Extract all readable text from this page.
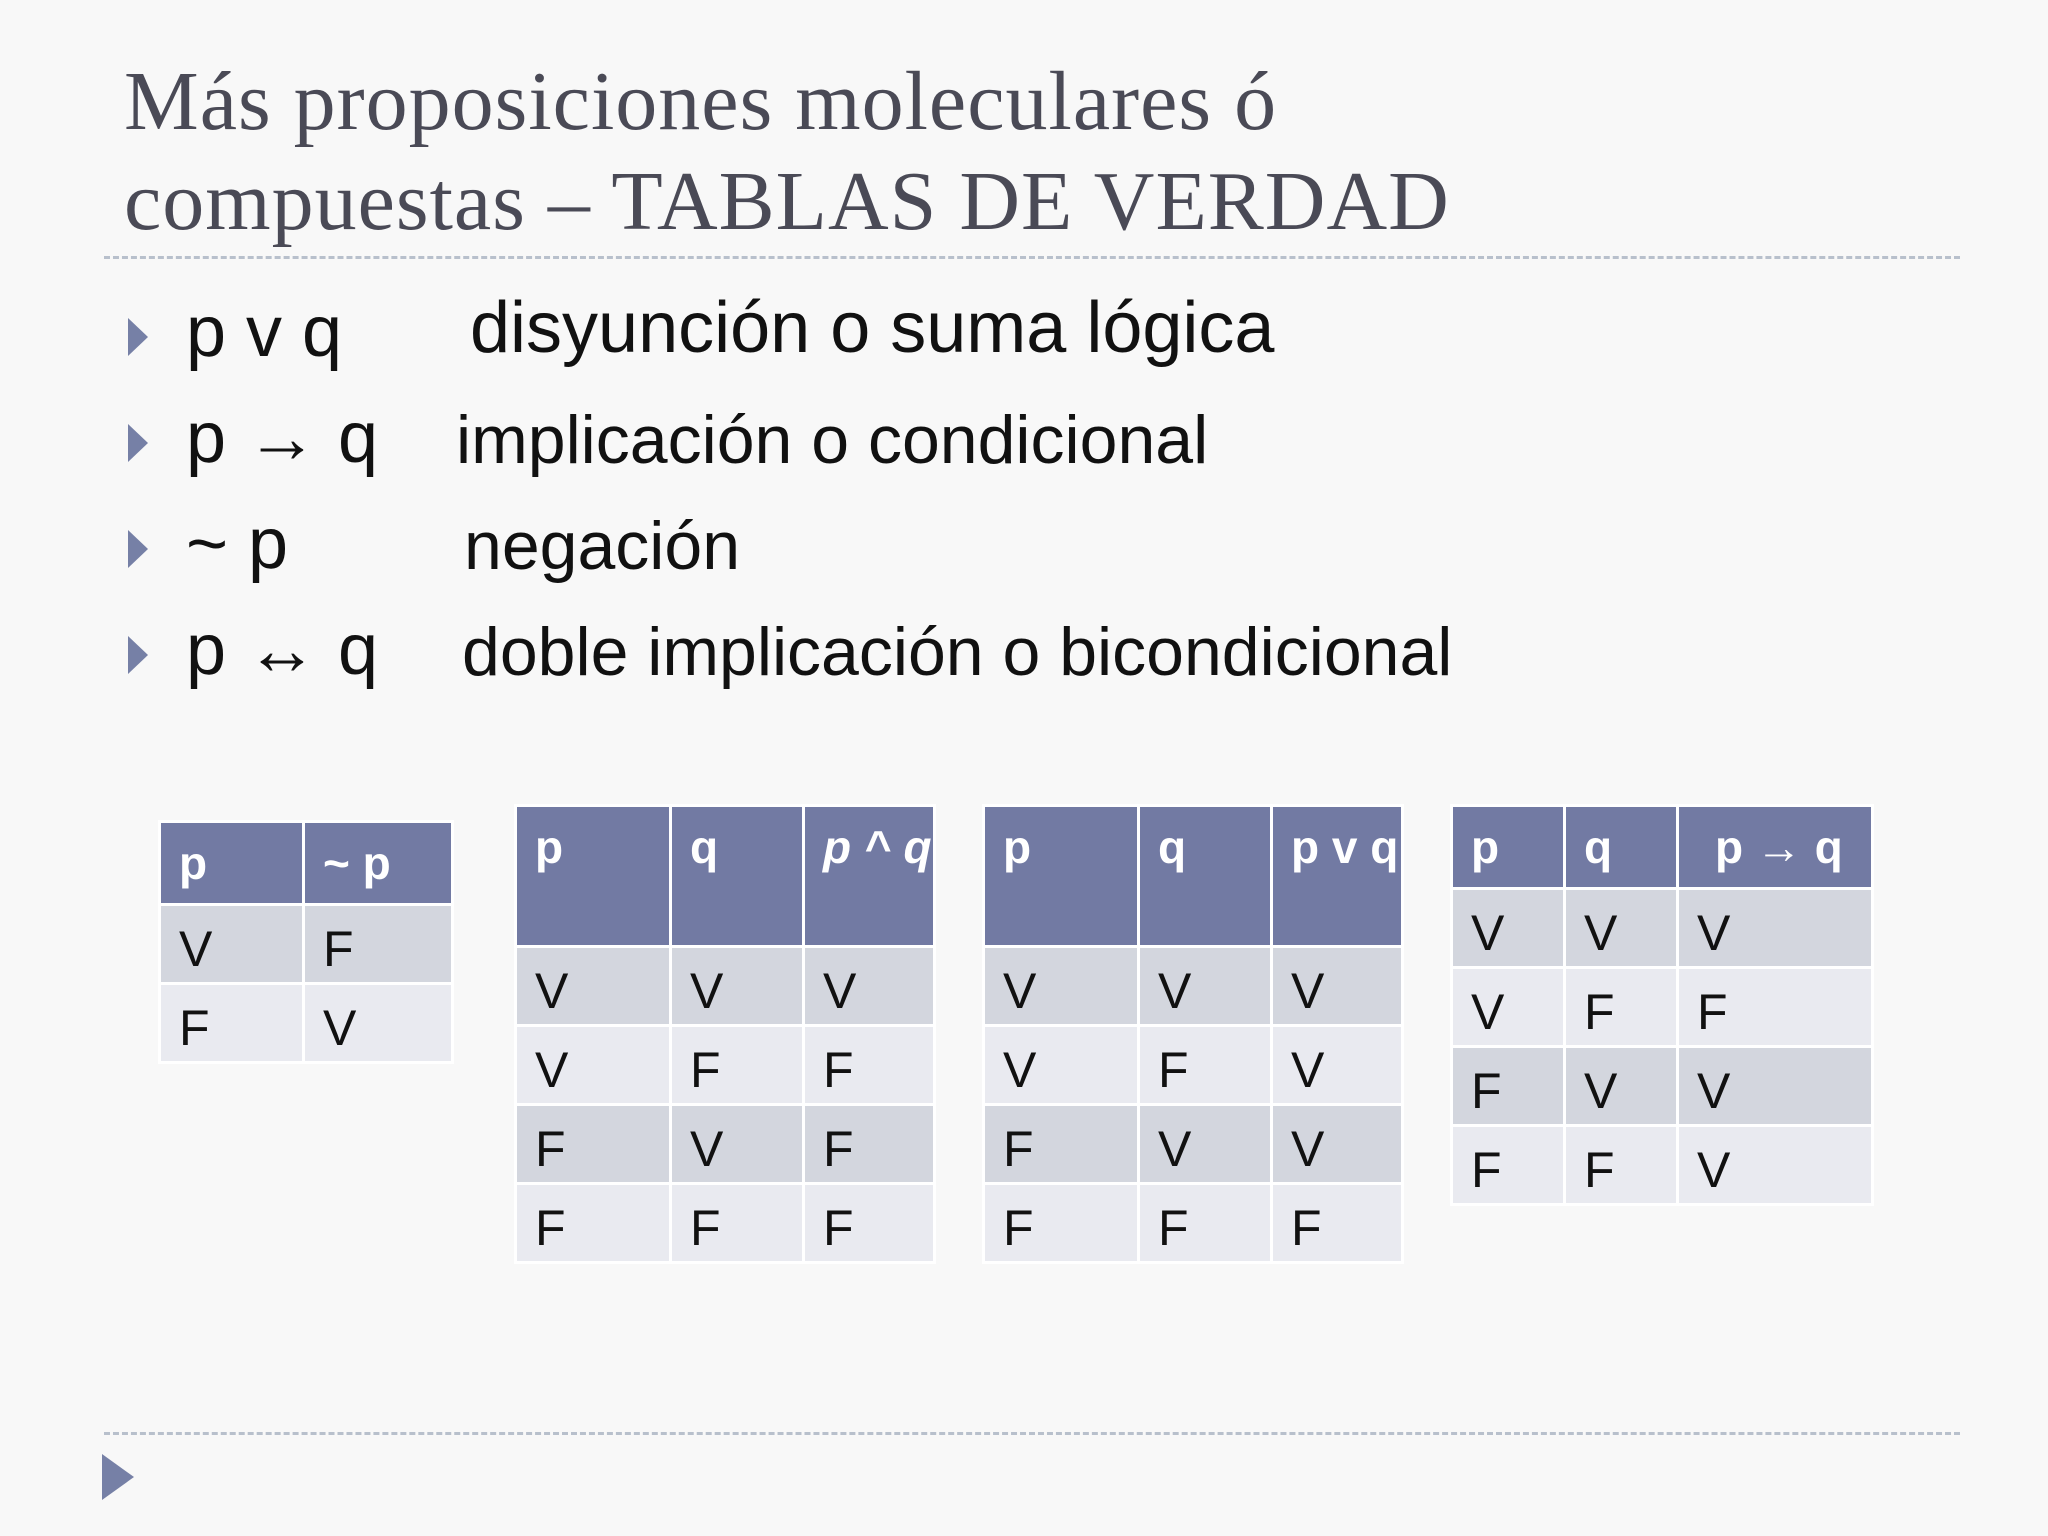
Más proposiciones moleculares ó
compuestas – TABLAS DE VERDAD
p v q disyunción o suma lógica
p → q implicación o condicional
~ p	negación
p ↔ q doble implicación o bicondicional
p	~ p
V	F
F	V
p	q	p ^ q
V	V	V
V	F	F
F	V	F
F	F	F
p	q	p v q
V	V	V
V	F	V
F	V	V
F	F	F
p	q	p → q
V	V	V
V	F	F
F	V	V
F	F	V
